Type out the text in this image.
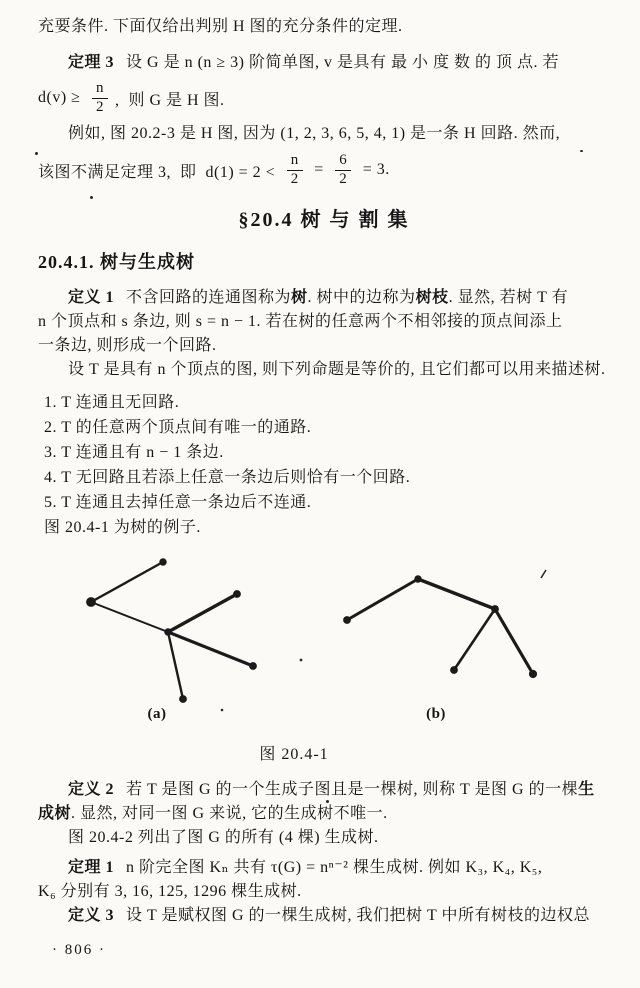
充要条件. 下面仅给出判别 H 图的充分条件的定理.
定理 3 设 G 是 n (n ≥ 3) 阶简单图, v 是具有 最 小 度 数 的 顶 点. 若
$d(v) \ge \frac{n}{2}$ ,  则 G 是 H 图.
例如, 图 20.2-3 是 H 图, 因为 (1, 2, 3, 6, 5, 4, 1) 是一条 H 回路. 然而,
该图不满足定理 3,  即  $d(1) = 2 < \frac{n}{2} = \frac{6}{2} = 3$.
§20.4 树 与 割 集
20.4.1. 树与生成树
定义 1 不含回路的连通图称为树. 树中的边称为树枝. 显然, 若树 T 有
n 个顶点和 s 条边, 则 s = n − 1. 若在树的任意两个不相邻接的顶点间添上
一条边, 则形成一个回路.
设 T 是具有 n 个顶点的图, 则下列命题是等价的, 且它们都可以用来描述树.
1. T 连通且无回路.
2. T 的任意两个顶点间有唯一的通路.
3. T 连通且有 n − 1 条边.
4. T 无回路且若添上任意一条边后则恰有一个回路.
5. T 连通且去掉任意一条边后不连通.
图 20.4-1 为树的例子.
(a)	(b)
图 20.4-1
定义 2 若 T 是图 G 的一个生成子图且是一棵树, 则称 T 是图 G 的一棵生
成树. 显然, 对同一图 G 来说, 它的生成树不唯一.
图 20.4-2 列出了图 G 的所有 (4 棵) 生成树.
定理 1 n 阶完全图 Kₙ 共有 τ(G) = nⁿ⁻² 棵生成树. 例如 K₃, K₄, K₅,
K₆ 分别有 3, 16, 125, 1296 棵生成树.
定义 3 设 T 是赋权图 G 的一棵生成树, 我们把树 T 中所有树枝的边权总
· 806 ·
